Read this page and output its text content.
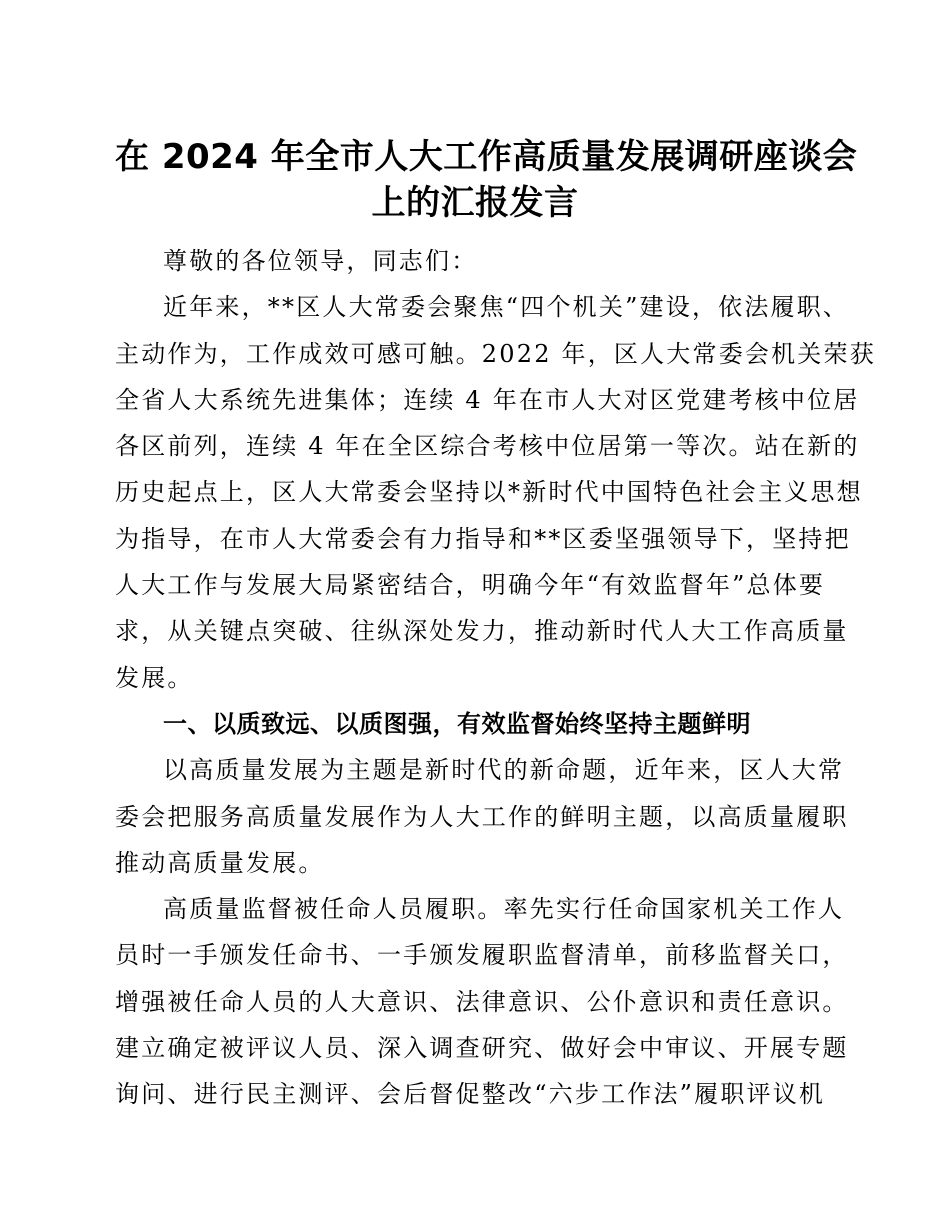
在 2024 年全市人大工作高质量发展调研座谈会
上的汇报发言

尊敬的各位领导，同志们：

近年来，**区人大常委会聚焦“四个机关”建设，依法履职、
主动作为，工作成效可感可触。2022 年，区人大常委会机关荣获
全省人大系统先进集体；连续 4 年在市人大对区党建考核中位居
各区前列，连续 4 年在全区综合考核中位居第一等次。站在新的
历史起点上，区人大常委会坚持以*新时代中国特色社会主义思想
为指导，在市人大常委会有力指导和**区委坚强领导下，坚持把
人大工作与发展大局紧密结合，明确今年“有效监督年”总体要
求，从关键点突破、往纵深处发力，推动新时代人大工作高质量
发展。

一、以质致远、以质图强，有效监督始终坚持主题鲜明

以高质量发展为主题是新时代的新命题，近年来，区人大常
委会把服务高质量发展作为人大工作的鲜明主题，以高质量履职
推动高质量发展。

高质量监督被任命人员履职。率先实行任命国家机关工作人
员时一手颁发任命书、一手颁发履职监督清单，前移监督关口，
增强被任命人员的人大意识、法律意识、公仆意识和责任意识。
建立确定被评议人员、深入调查研究、做好会中审议、开展专题
询问、进行民主测评、会后督促整改“六步工作法”履职评议机
